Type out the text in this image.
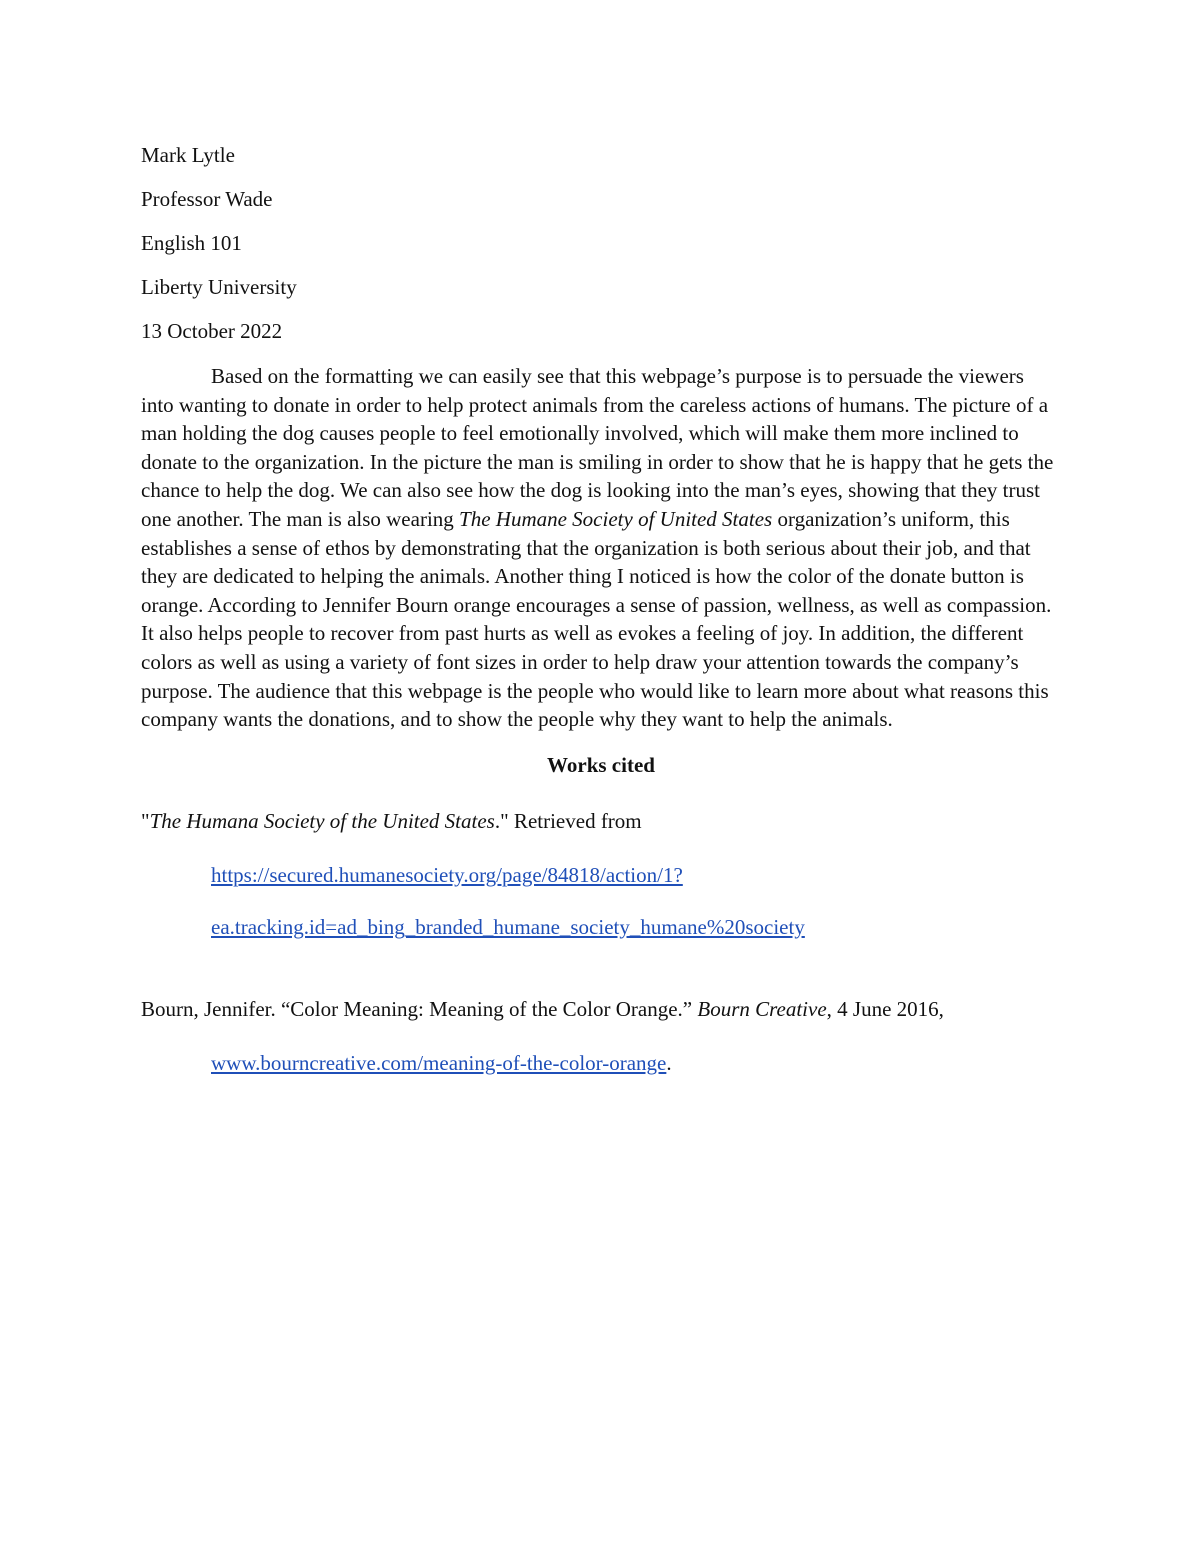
Mark Lytle
Professor Wade
English 101
Liberty University
13 October 2022

Based on the formatting we can easily see that this webpage’s purpose is to persuade the viewers into wanting to donate in order to help protect animals from the careless actions of humans. The picture of a man holding the dog causes people to feel emotionally involved, which will make them more inclined to donate to the organization. In the picture the man is smiling in order to show that he is happy that he gets the chance to help the dog. We can also see how the dog is looking into the man’s eyes, showing that they trust one another. The man is also wearing The Humane Society of United States organization’s uniform, this establishes a sense of ethos by demonstrating that the organization is both serious about their job, and that they are dedicated to helping the animals. Another thing I noticed is how the color of the donate button is orange. According to Jennifer Bourn orange encourages a sense of passion, wellness, as well as compassion. It also helps people to recover from past hurts as well as evokes a feeling of joy. In addition, the different colors as well as using a variety of font sizes in order to help draw your attention towards the company’s purpose. The audience that this webpage is the people who would like to learn more about what reasons this company wants the donations, and to show the people why they want to help the animals.

Works cited
"The Humana Society of the United States." Retrieved from
https://secured.humanesociety.org/page/84818/action/1?
ea.tracking.id=ad_bing_branded_humane_society_humane%20society
Bourn, Jennifer. “Color Meaning: Meaning of the Color Orange.” Bourn Creative, 4 June 2016,
www.bourncreative.com/meaning-of-the-color-orange.
